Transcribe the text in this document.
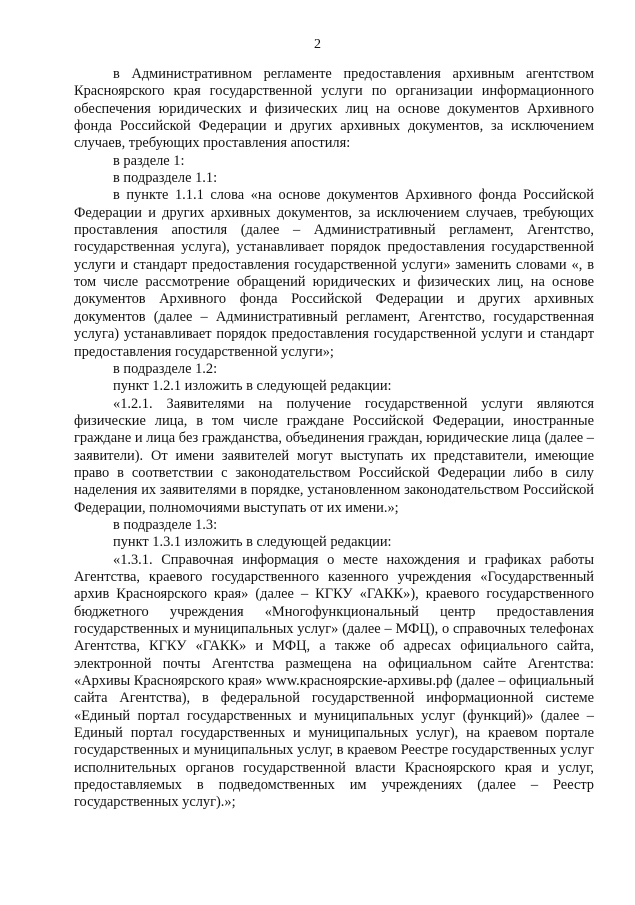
2

в Административном регламенте предоставления архивным агентством Красноярского края государственной услуги по организации информационного обеспечения юридических и физических лиц на основе документов Архивного фонда Российской Федерации и других архивных документов, за исключением случаев, требующих проставления апостиля:

в разделе 1:

в подразделе 1.1:

в пункте 1.1.1 слова «на основе документов Архивного фонда Российской Федерации и других архивных документов, за исключением случаев, требующих проставления апостиля (далее – Административный регламент, Агентство, государственная услуга), устанавливает порядок предоставления государственной услуги и стандарт предоставления государственной услуги» заменить словами «, в том числе рассмотрение обращений юридических и физических лиц, на основе документов Архивного фонда Российской Федерации и других архивных документов (далее – Административный регламент, Агентство, государственная услуга) устанавливает порядок предоставления государственной услуги и стандарт предоставления государственной услуги»;

в подразделе 1.2:

пункт 1.2.1 изложить в следующей редакции:

«1.2.1. Заявителями на получение государственной услуги являются физические лица, в том числе граждане Российской Федерации, иностранные граждане и лица без гражданства, объединения граждан, юридические лица (далее – заявители). От имени заявителей могут выступать их представители, имеющие право в соответствии с законодательством Российской Федерации либо в силу наделения их заявителями в порядке, установленном законодательством Российской Федерации, полномочиями выступать от их имени.»;

в подразделе 1.3:

пункт 1.3.1 изложить в следующей редакции:

«1.3.1. Справочная информация о месте нахождения и графиках работы Агентства, краевого государственного казенного учреждения «Государственный архив Красноярского края» (далее – КГКУ «ГАКК»), краевого государственного бюджетного учреждения «Многофункциональный центр предоставления государственных и муниципальных услуг» (далее – МФЦ), о справочных телефонах Агентства, КГКУ «ГАКК» и МФЦ, а также об адресах официального сайта, электронной почты Агентства размещена на официальном сайте Агентства: «Архивы Красноярского края» www.красноярские-архивы.рф (далее – официальный сайта Агентства), в федеральной государственной информационной системе «Единый портал государственных и муниципальных услуг (функций)» (далее – Единый портал государственных и муниципальных услуг), на краевом портале государственных и муниципальных услуг, в краевом Реестре государственных услуг исполнительных органов государственной власти Красноярского края и услуг, предоставляемых в подведомственных им учреждениях (далее – Реестр государственных услуг).»;
